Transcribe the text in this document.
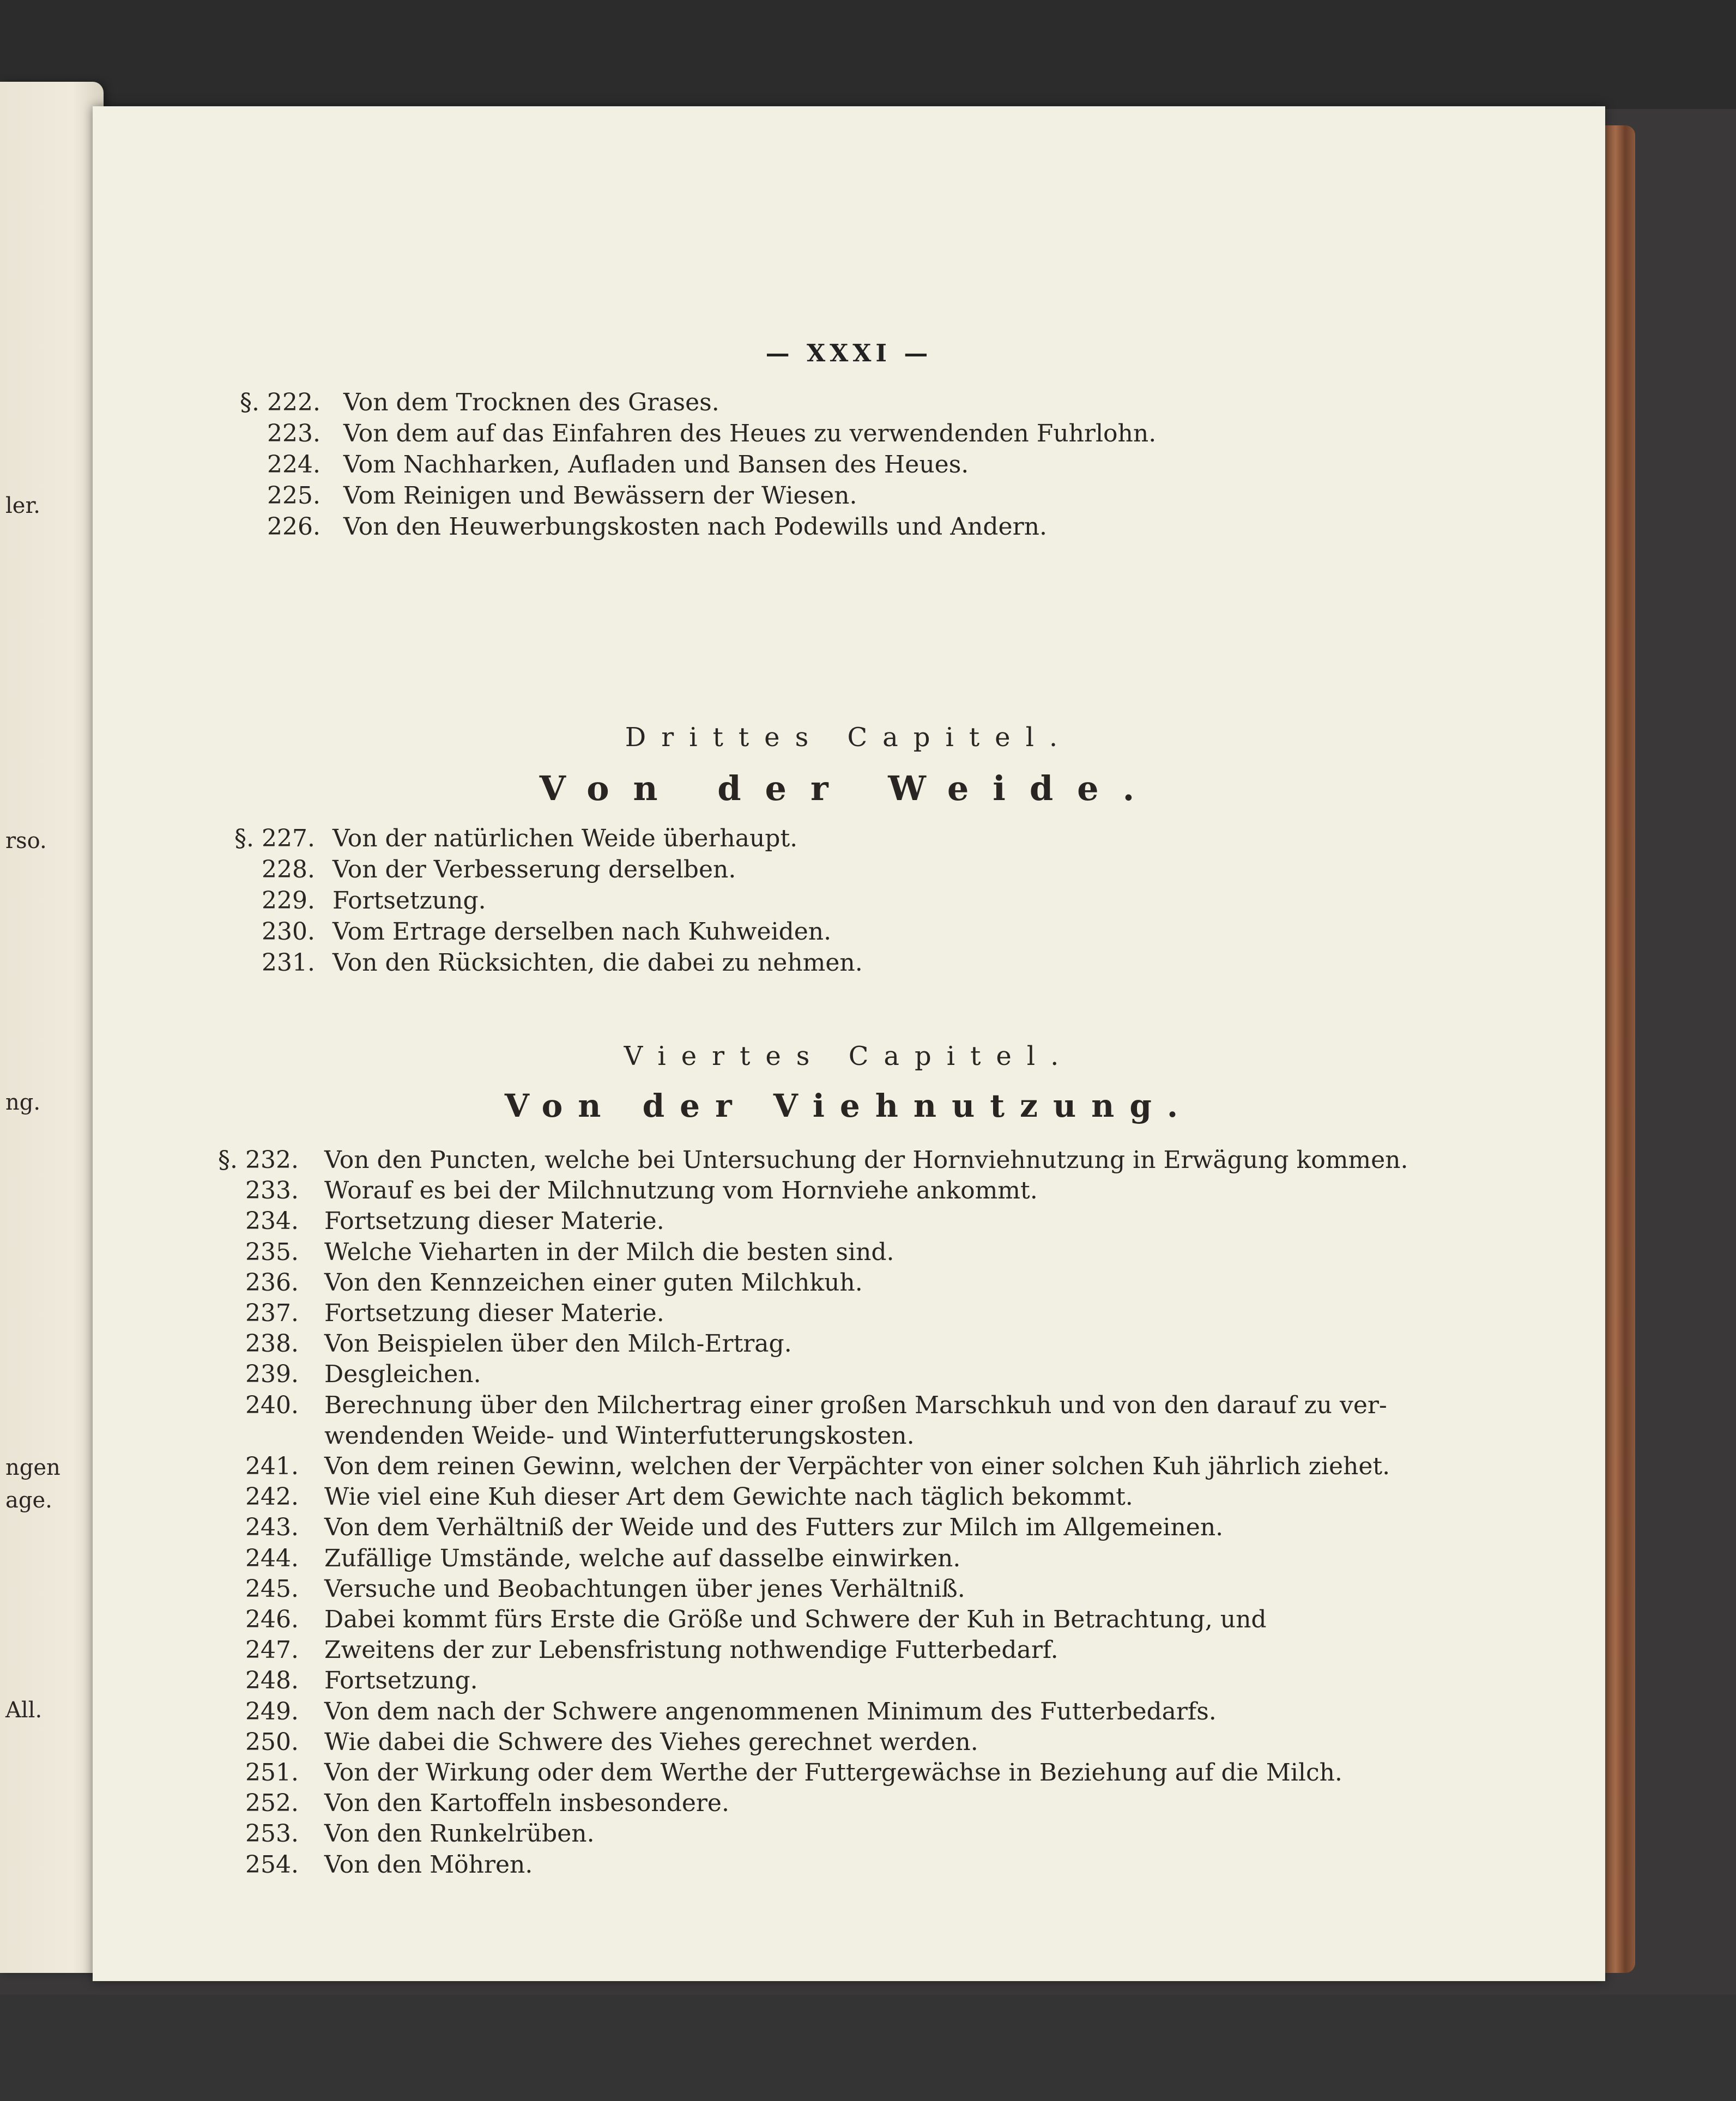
ler.
rso.
ng.
ngen
age.
All.
— XXXI —
Drittes Capitel.
Von der Weide.
Viertes Capitel.
Von der Viehnutzung.
§. 222. Von dem Trocknen des Grases.
223. Von dem auf das Einfahren des Heues zu verwendenden Fuhrlohn.
224. Vom Nachharken, Aufladen und Bansen des Heues.
225. Vom Reinigen und Bewässern der Wiesen.
226. Von den Heuwerbungskosten nach Podewills und Andern.
§. 227. Von der natürlichen Weide überhaupt.
228. Von der Verbesserung derselben.
229. Fortsetzung.
230. Vom Ertrage derselben nach Kuhweiden.
231. Von den Rücksichten, die dabei zu nehmen.
§. 232. Von den Puncten, welche bei Untersuchung der Hornviehnutzung in Erwägung kommen.
233. Worauf es bei der Milchnutzung vom Hornviehe ankommt.
234. Fortsetzung dieser Materie.
235. Welche Vieharten in der Milch die besten sind.
236. Von den Kennzeichen einer guten Milchkuh.
237. Fortsetzung dieser Materie.
238. Von Beispielen über den Milch-Ertrag.
239. Desgleichen.
240. Berechnung über den Milchertrag einer großen Marschkuh und von den darauf zu ver-
wendenden Weide- und Winterfutterungskosten.
241. Von dem reinen Gewinn, welchen der Verpächter von einer solchen Kuh jährlich ziehet.
242. Wie viel eine Kuh dieser Art dem Gewichte nach täglich bekommt.
243. Von dem Verhältniß der Weide und des Futters zur Milch im Allgemeinen.
244. Zufällige Umstände, welche auf dasselbe einwirken.
245. Versuche und Beobachtungen über jenes Verhältniß.
246. Dabei kommt fürs Erste die Größe und Schwere der Kuh in Betrachtung, und
247. Zweitens der zur Lebensfristung nothwendige Futterbedarf.
248. Fortsetzung.
249. Von dem nach der Schwere angenommenen Minimum des Futterbedarfs.
250. Wie dabei die Schwere des Viehes gerechnet werden.
251. Von der Wirkung oder dem Werthe der Futtergewächse in Beziehung auf die Milch.
252. Von den Kartoffeln insbesondere.
253. Von den Runkelrüben.
254. Von den Möhren.
